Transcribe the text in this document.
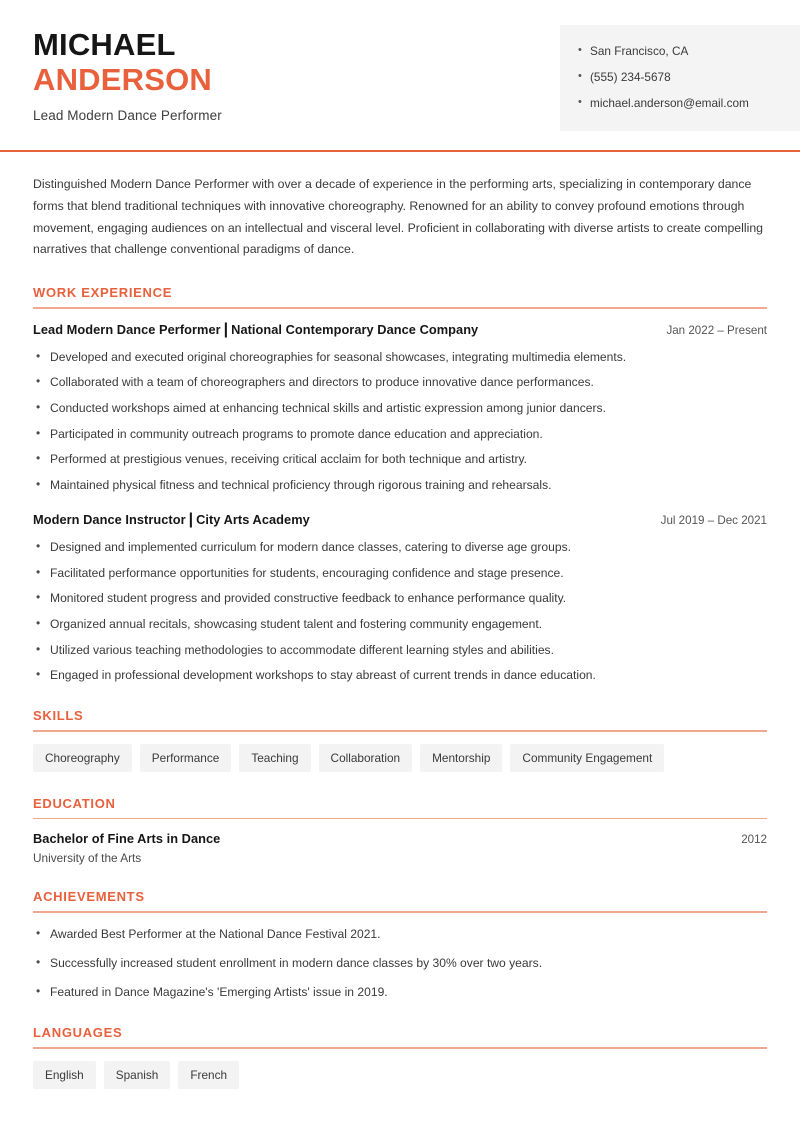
MICHAEL
ANDERSON
Lead Modern Dance Performer
• San Francisco, CA
• (555) 234-5678
• michael.anderson@email.com

Distinguished Modern Dance Performer with over a decade of experience in the performing arts, specializing in contemporary dance forms that blend traditional techniques with innovative choreography. Renowned for an ability to convey profound emotions through movement, engaging audiences on an intellectual and visceral level. Proficient in collaborating with diverse artists to create compelling narratives that challenge conventional paradigms of dance.

WORK EXPERIENCE
Lead Modern Dance Performer | National Contemporary Dance Company	Jan 2022 – Present
• Developed and executed original choreographies for seasonal showcases, integrating multimedia elements.
• Collaborated with a team of choreographers and directors to produce innovative dance performances.
• Conducted workshops aimed at enhancing technical skills and artistic expression among junior dancers.
• Participated in community outreach programs to promote dance education and appreciation.
• Performed at prestigious venues, receiving critical acclaim for both technique and artistry.
• Maintained physical fitness and technical proficiency through rigorous training and rehearsals.
Modern Dance Instructor | City Arts Academy	Jul 2019 – Dec 2021
• Designed and implemented curriculum for modern dance classes, catering to diverse age groups.
• Facilitated performance opportunities for students, encouraging confidence and stage presence.
• Monitored student progress and provided constructive feedback to enhance performance quality.
• Organized annual recitals, showcasing student talent and fostering community engagement.
• Utilized various teaching methodologies to accommodate different learning styles and abilities.
• Engaged in professional development workshops to stay abreast of current trends in dance education.
SKILLS
Choreography	Performance	Teaching	Collaboration	Mentorship	Community Engagement
EDUCATION
Bachelor of Fine Arts in Dance	2012
University of the Arts
ACHIEVEMENTS
• Awarded Best Performer at the National Dance Festival 2021.
• Successfully increased student enrollment in modern dance classes by 30% over two years.
• Featured in Dance Magazine's 'Emerging Artists' issue in 2019.
LANGUAGES
English	Spanish	French
